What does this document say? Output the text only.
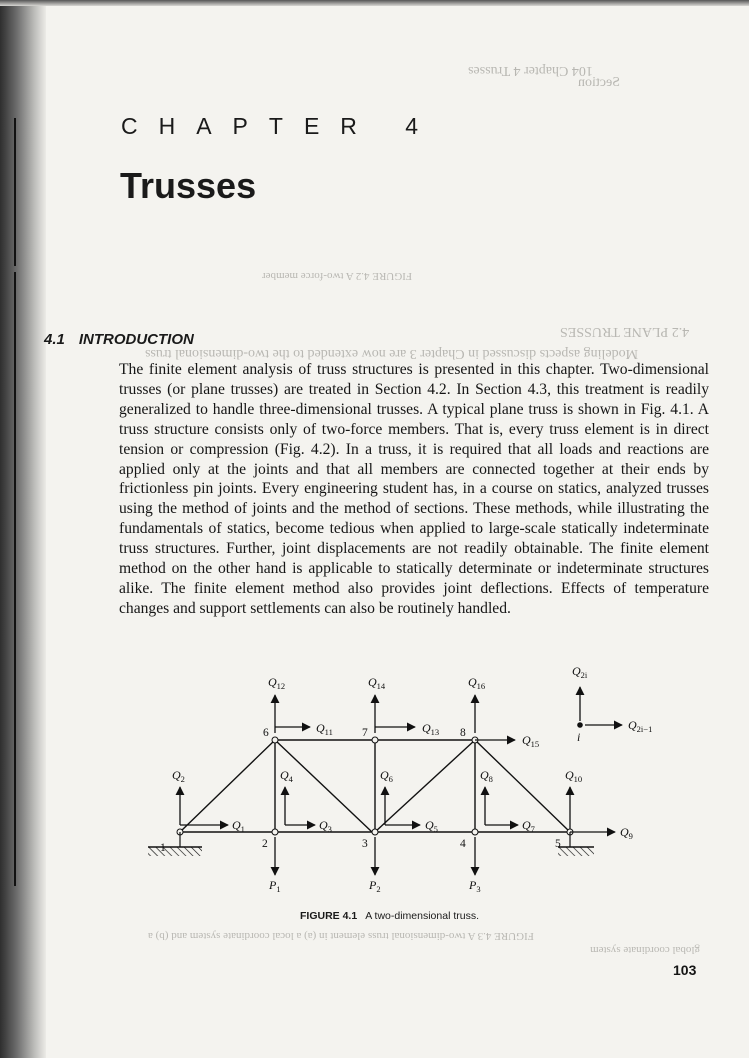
Section
104 Chapter 4 Trusses
FIGURE 4.2 A two-force member
4.2 PLANE TRUSSES
Modeling aspects discussed in Chapter 3 are now extended to the two-dimensional truss
FIGURE 4.3 A two-dimensional truss element in (a) a local coordinate system and (b) a
global coordinate system
CHAPTER 4
Trusses
4.1 INTRODUCTION
The finite element analysis of truss structures is presented in this chapter. Two-dimensional trusses (or plane trusses) are treated in Section 4.2. In Section 4.3, this treatment is readily generalized to handle three-dimensional trusses. A typical plane truss is shown in Fig. 4.1. A truss structure consists only of two-force members. That is, every truss element is in direct tension or compression (Fig. 4.2). In a truss, it is required that all loads and reactions are applied only at the joints and that all members are connected together at their ends by frictionless pin joints. Every engineering student has, in a course on statics, analyzed trusses using the method of joints and the method of sections. These methods, while illustrating the fundamentals of statics, become tedious when applied to large-scale statically indeterminate truss structures. Further, joint displacements are not readily obtainable. The finite element method on the other hand is applicable to statically determinate or indeterminate structures alike. The finite element method also provides joint deflections. Effects of temperature changes and support settlements can also be routinely handled.
$Q_{12}$	$Q_{14}$	$Q_{16}$
$Q_{11}$	$Q_{13}$
$Q_{15}$
$Q_2$	$Q_4$	$Q_6$	$Q_8$	$Q_{10}$
$Q_1$	$Q_3$	$Q_5$	$Q_7$	$Q_9$
$P_1$	$P_2$	$P_3$
$Q_{2i}$
$Q_{2i-1}$
i
1	2	3	4	5
6	7	8
FIGURE 4.1 A two-dimensional truss.
103
